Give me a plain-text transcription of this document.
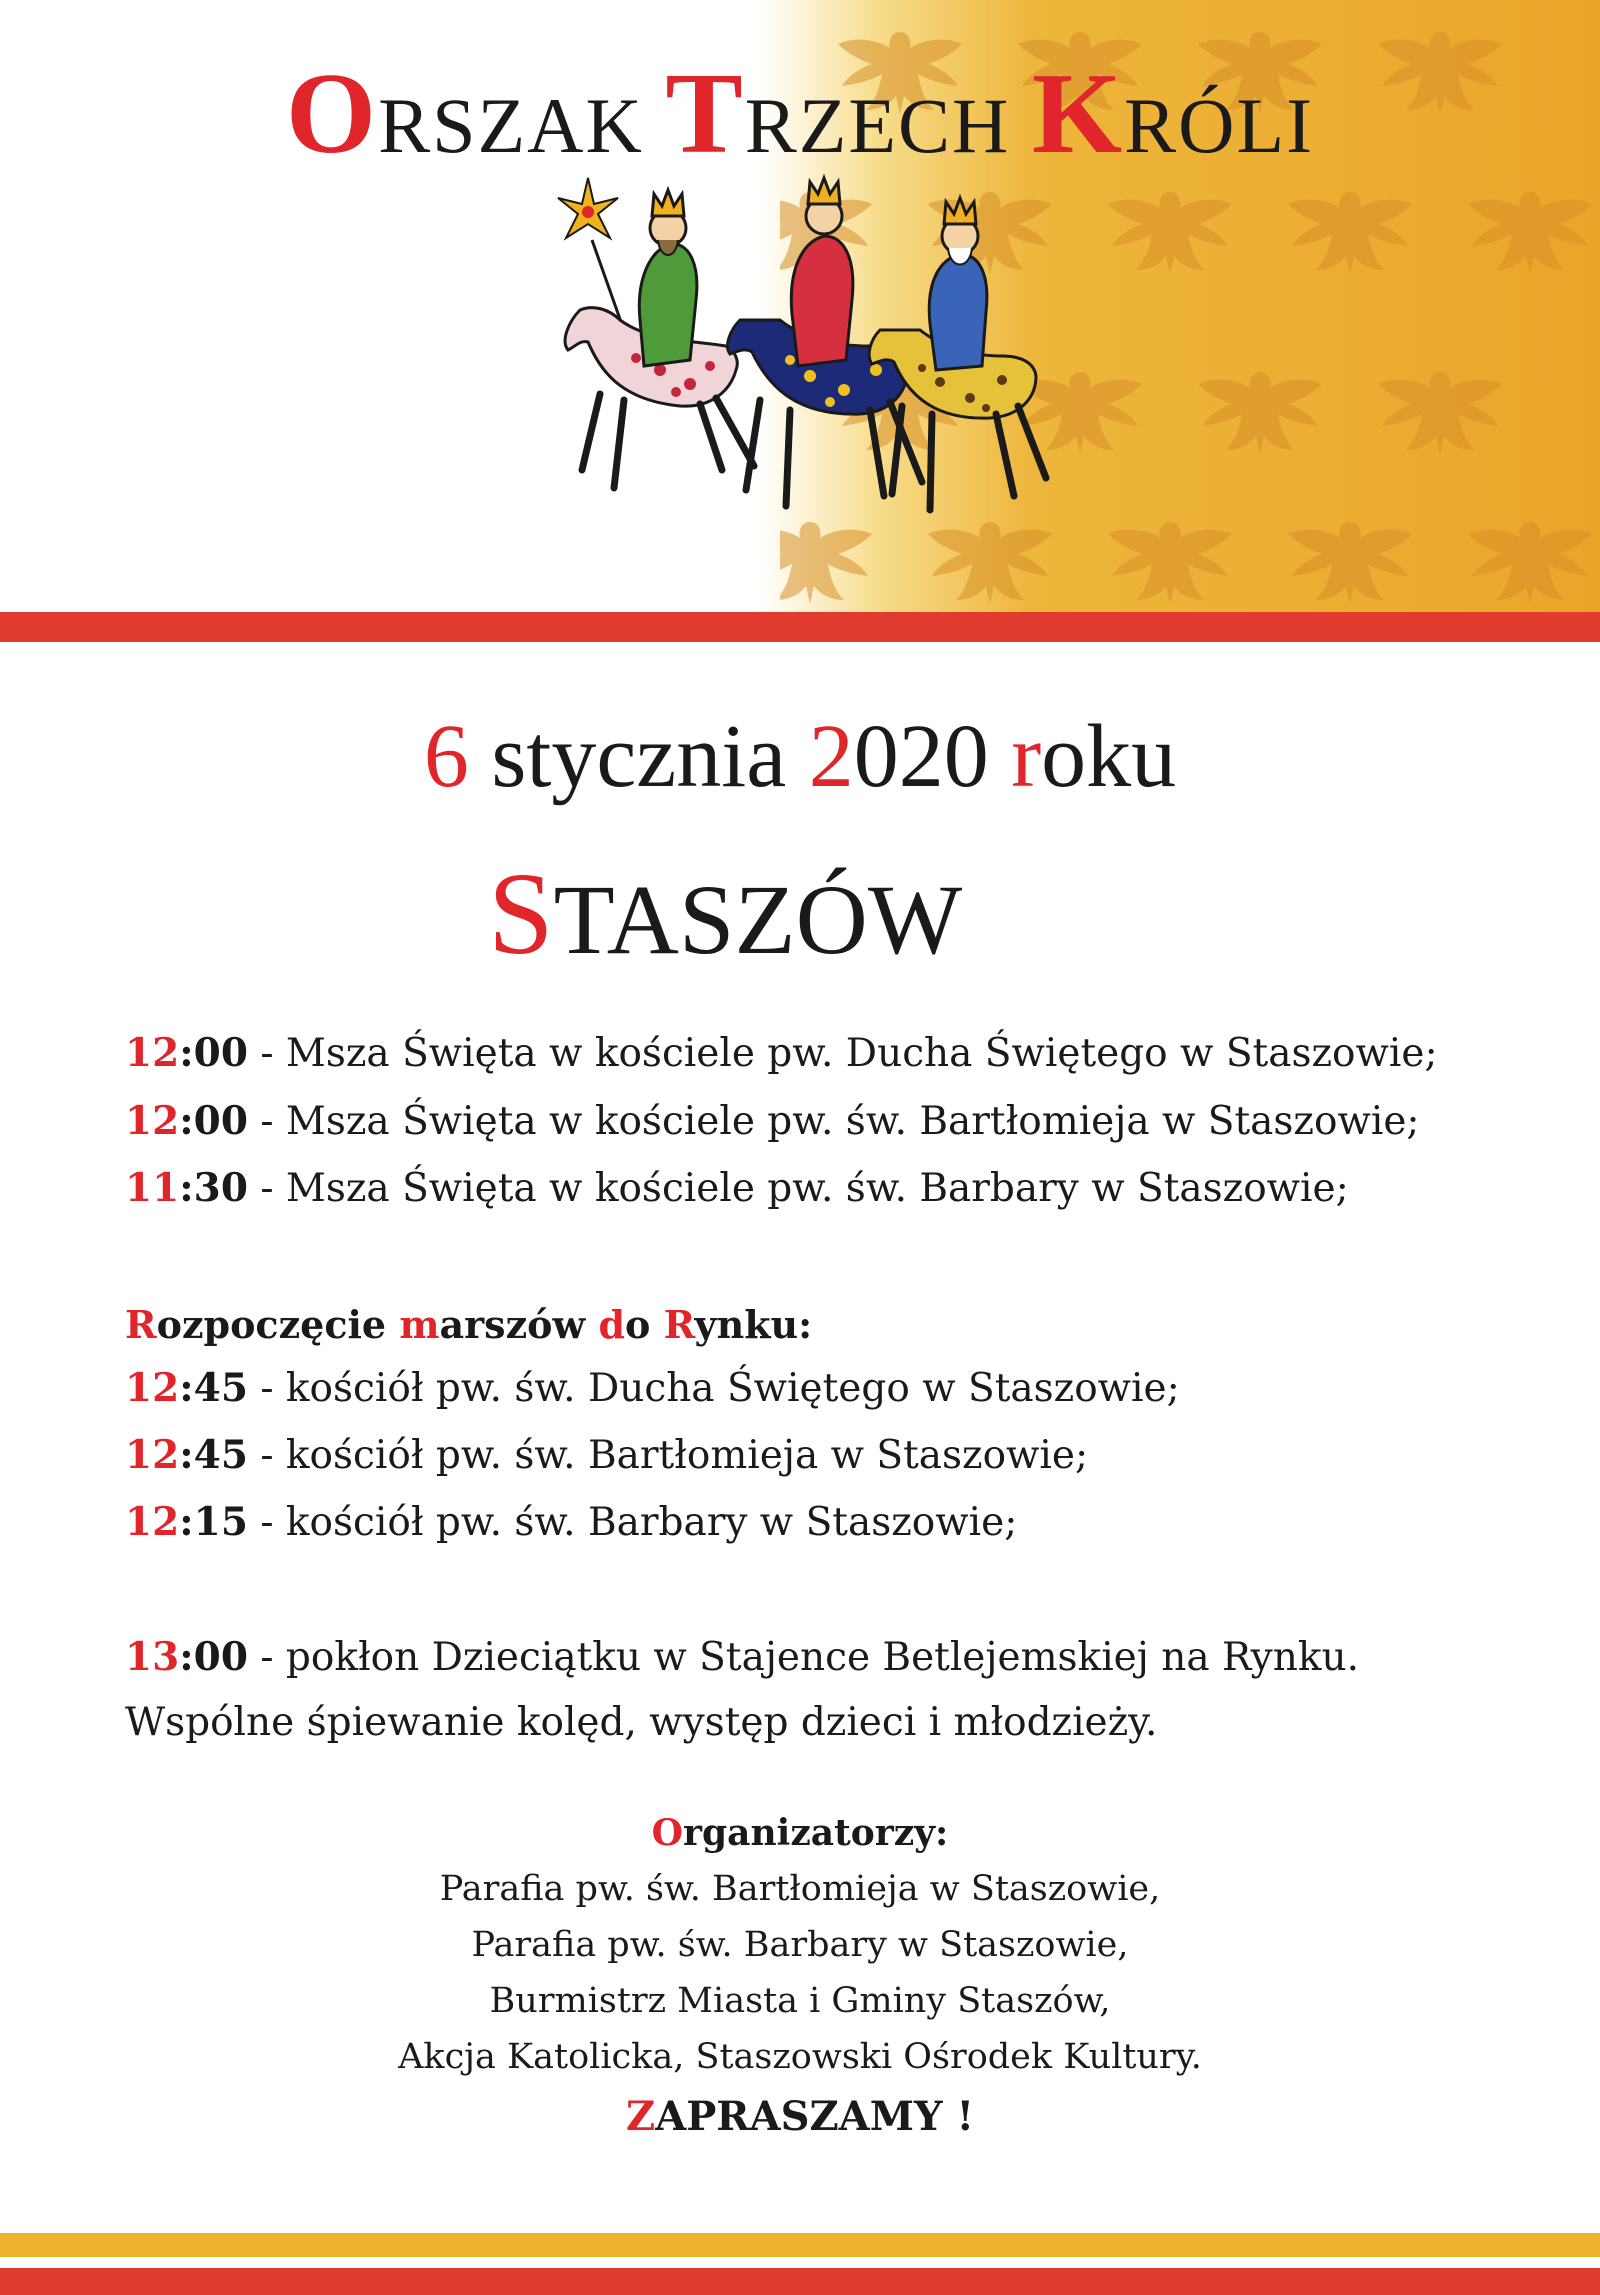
ORSZAK TRZECH KRÓLI
6 stycznia 2020 roku
STASZÓW
12:00 - Msza Święta w kościele pw. Ducha Świętego w Staszowie;
12:00 - Msza Święta w kościele pw. św. Bartłomieja w Staszowie;
11:30 - Msza Święta w kościele pw. św. Barbary w Staszowie;
Rozpoczęcie marszów do Rynku:
12:45 - kościół pw. św. Ducha Świętego w Staszowie;
12:45 - kościół pw. św. Bartłomieja w Staszowie;
12:15 - kościół pw. św. Barbary w Staszowie;
13:00 - pokłon Dzieciątku w Stajence Betlejemskiej na Rynku.
Wspólne śpiewanie kolęd, występ dzieci i młodzieży.
Organizatorzy:
Parafia pw. św. Bartłomieja w Staszowie,
Parafia pw. św. Barbary w Staszowie,
Burmistrz Miasta i Gminy Staszów,
Akcja Katolicka, Staszowski Ośrodek Kultury.
ZAPRASZAMY !
